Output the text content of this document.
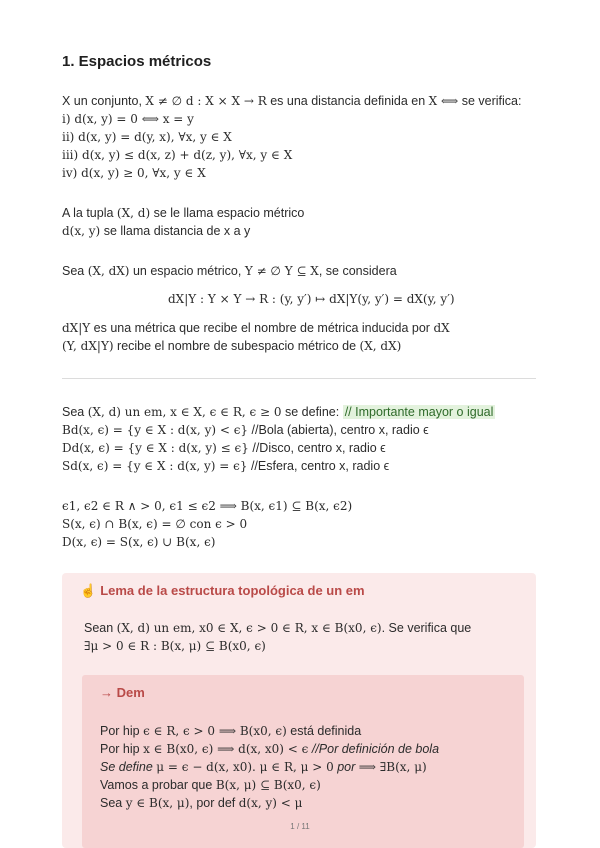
1. Espacios métricos
X un conjunto, X ≠ ∅ d : X × X → R es una distancia definida en X ⟺ se verifica:
i) d(x, y) = 0 ⟺ x = y
ii) d(x, y) = d(y, x), ∀x, y ∈ X
iii) d(x, y) ≤ d(x, z) + d(z, y), ∀x, y ∈ X
iv) d(x, y) ≥ 0, ∀x, y ∈ X
A la tupla (X, d) se le llama espacio métrico
d(x, y) se llama distancia de x a y
Sea (X, dX) un espacio métrico, Y ≠ ∅ Y ⊆ X, se considera
dX|Y : Y × Y → R : (y, y′) ↦ dX|Y(y, y′) = dX(y, y′)
dX|Y es una métrica que recibe el nombre de métrica inducida por dX
(Y, dX|Y) recibe el nombre de subespacio métrico de (X, dX)
Sea (X, d) un em, x ∈ X, ϵ ∈ R, ϵ ≥ 0 se define: // Importante mayor o igual
Bd(x, ϵ) = {y ∈ X : d(x, y) < ϵ} //Bola (abierta), centro x, radio ϵ
Dd(x, ϵ) = {y ∈ X : d(x, y) ≤ ϵ} //Disco, centro x, radio ϵ
Sd(x, ϵ) = {y ∈ X : d(x, y) = ϵ} //Esfera, centro x, radio ϵ
ϵ1, ϵ2 ∈ R ∧ > 0, ϵ1 ≤ ϵ2 ⟹ B(x, ϵ1) ⊆ B(x, ϵ2)
S(x, ϵ) ∩ B(x, ϵ) = ∅ con ϵ > 0
D(x, ϵ) = S(x, ϵ) ∪ B(x, ϵ)
☝ Lema de la estructura topológica de un em
Sean (X, d) un em, x0 ∈ X, ϵ > 0 ∈ R, x ∈ B(x0, ϵ). Se verifica que
∃μ > 0 ∈ R : B(x, μ) ⊆ B(x0, ϵ)
→ Dem
Por hip ϵ ∈ R, ϵ > 0 ⟹ B(x0, ϵ) está definida
Por hip x ∈ B(x0, ϵ) ⟹ d(x, x0) < ϵ //Por definición de bola
Se define μ = ϵ − d(x, x0). μ ∈ R, μ > 0 por ⟹ ∃B(x, μ)
Vamos a probar que B(x, μ) ⊆ B(x0, ϵ)
Sea y ∈ B(x, μ), por def d(x, y) < μ
1 / 11
